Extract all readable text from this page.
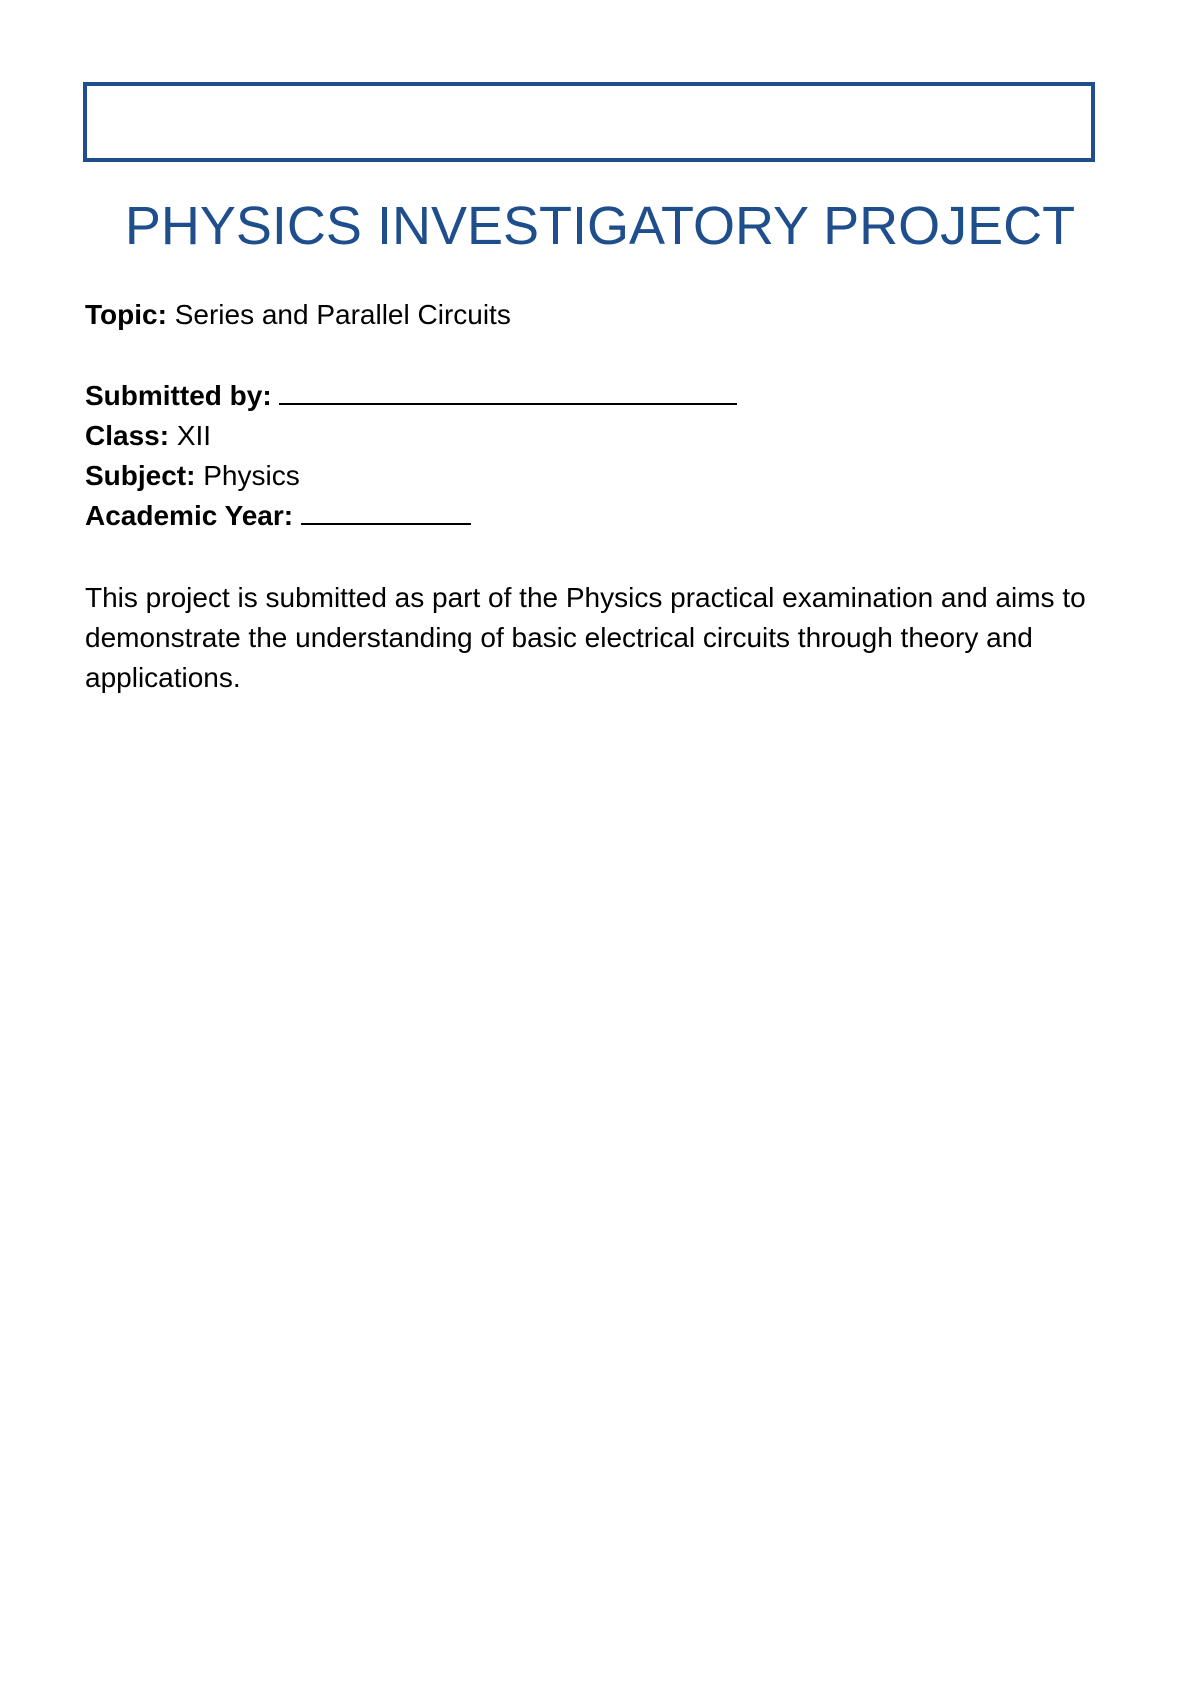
PHYSICS INVESTIGATORY PROJECT
Topic: Series and Parallel Circuits
Submitted by:
Class: XII
Subject: Physics
Academic Year:
This project is submitted as part of the Physics practical examination and aims to demonstrate the understanding of basic electrical circuits through theory and applications.
